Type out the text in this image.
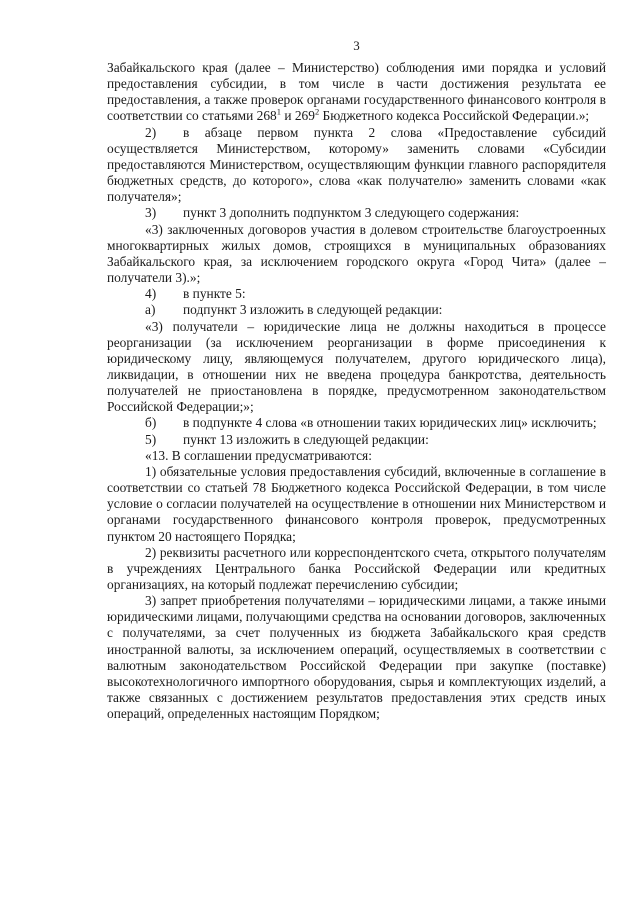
3

Забайкальского края (далее – Министерство) соблюдения ими порядка и условий предоставления субсидии, в том числе в части достижения результата ее предоставления, а также проверок органами государственного финансового контроля в соответствии со статьями $268^1$ и $269^2$ Бюджетного кодекса Российской Федерации.»;

2) в абзаце первом пункта 2 слова «Предоставление субсидий осуществляется Министерством, которому» заменить словами «Субсидии предоставляются Министерством, осуществляющим функции главного распорядителя бюджетных средств, до которого», слова «как получателю» заменить словами «как получателя»;

3) пункт 3 дополнить подпунктом 3 следующего содержания:

«3) заключенных договоров участия в долевом строительстве благоустроенных многоквартирных жилых домов, строящихся в муниципальных образованиях Забайкальского края, за исключением городского округа «Город Чита» (далее – получатели 3).»;

4) в пункте 5:

а) подпункт 3 изложить в следующей редакции:

«3) получатели – юридические лица не должны находиться в процессе реорганизации (за исключением реорганизации в форме присоединения к юридическому лицу, являющемуся получателем, другого юридического лица), ликвидации, в отношении них не введена процедура банкротства, деятельность получателей не приостановлена в порядке, предусмотренном законодательством Российской Федерации;»;

б) в подпункте 4 слова «в отношении таких юридических лиц» исключить;

5) пункт 13 изложить в следующей редакции:

«13. В соглашении предусматриваются:

1) обязательные условия предоставления субсидий, включенные в соглашение в соответствии со статьей 78 Бюджетного кодекса Российской Федерации, в том числе условие о согласии получателей на осуществление в отношении них Министерством и органами государственного финансового контроля проверок, предусмотренных пунктом 20 настоящего Порядка;

2) реквизиты расчетного или корреспондентского счета, открытого получателям в учреждениях Центрального банка Российской Федерации или кредитных организациях, на который подлежат перечислению субсидии;

3) запрет приобретения получателями – юридическими лицами, а также иными юридическими лицами, получающими средства на основании договоров, заключенных с получателями, за счет полученных из бюджета Забайкальского края средств иностранной валюты, за исключением операций, осуществляемых в соответствии с валютным законодательством Российской Федерации при закупке (поставке) высокотехнологичного импортного оборудования, сырья и комплектующих изделий, а также связанных с достижением результатов предоставления этих средств иных операций, определенных настоящим Порядком;
